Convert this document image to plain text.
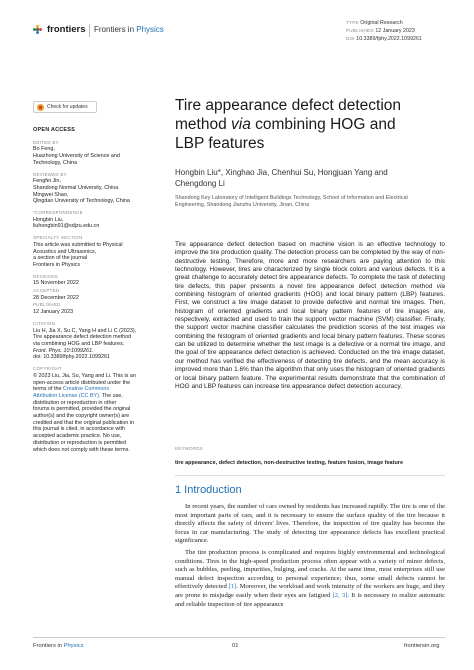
frontiers Frontiers in Physics
TYPE Original Research
PUBLISHED 12 January 2023
DOI 10.3389/fphy.2022.1099261
Check for updates
OPEN ACCESS
EDITED BY

Bo Feng,

Huazhong University of Science and

Technology, China

REVIEWED BY

Fengfei Jin,

Shandong Normal University, China

Mingwei Shao,

Qingdao University of Technology, China

*CORRESPONDENCE

Hongbin Liu,

liuhongbin91@sdjzu.edu.cn

SPECIALTY SECTION

This article was submitted to Physical

Acoustics and Ultrasonics,

a section of the journal

Frontiers in Physics

RECEIVED

15 November 2022

ACCEPTED

28 December 2022

PUBLISHED

12 January 2023

CITATION

Liu H, Jia X, Su C, Yang H and Li C (2023),

Tire appearance defect detection method

via combining HOG and LBP features.

Front. Phys. 10:1099261.

doi: 10.3389/fphy.2022.1099261

COPYRIGHT

© 2023 Liu, Jia, Su, Yang and Li. This is an

open-access article distributed under the

terms of the Creative Commons

Attribution License (CC BY). The use,

distribution or reproduction in other

forums is permitted, provided the original

author(s) and the copyright owner(s) are

credited and that the original publication in

this journal is cited, in accordance with

accepted academic practice. No use,

distribution or reproduction is permitted

which does not comply with these terms.

Tire appearance defect detection
method via combining HOG and
LBP features
Hongbin Liu*, Xinghao Jia, Chenhui Su, Hongjuan Yang and
Chengdong Li
Shandong Key Laboratory of Intelligent Buildings Technology, School of Information and Electrical
Engineering, Shandong Jianzhu University, Jinan, China
Tire appearance defect detection based on machine vision is an effective technology to improve the tire production quality. The detection process can be completed by the way of non-destructive testing. Therefore, more and more researchers are paying attention to this technology. However, tires are characterized by single block colors and various defects. It is a great challenge to accurately detect tire appearance defects. To complete the task of detecting tire defects, this paper presents a novel tire appearance defect detection method via combining histogram of oriented gradients (HOG) and local binary pattern (LBP) features. First, we construct a tire image dataset to provide defective and normal tire images. Then, histogram of oriented gradients and local binary pattern features of tire images are, respectively, extracted and used to train the support vector machine (SVM) classifier. Finally, the support vector machine classifier calculates the prediction scores of the test images via combining the histogram of oriented gradients and local binary pattern features. These scores can be utilized to determine whether the test image is a defective or a normal tire image, and the goal of tire appearance defect detection is achieved. Conducted on the tire image dataset, our method has verified the effectiveness of detecting tire defects, and the mean accuracy is improved more than 1.6% than the algorithm that only uses the histogram of oriented gradients or local binary pattern feature. The experimental results demonstrate that the combination of HOG and LBP features can increase tire appearance defect detection accuracy.
KEYWORDS
tire appearance, defect detection, non-destructive testing, feature fusion, image feature
1 Introduction

In recent years, the number of cars owned by residents has increased rapidly. The tire is one of the most important parts of cars, and it is necessary to ensure the surface quality of the tire because it directly affects the safety of drivers' lives. Therefore, the inspection of tire quality has become the focus in car manufacturing. The study of detecting tire appearance defects has excellent practical significance.

The tire production process is complicated and requires highly environmental and technological conditions. Tires in the high-speed production process often appear with a variety of minor defects, such as bubbles, peeling, impurities, bulging, and cracks. At the same time, most enterprises still use manual defect inspection according to personal experience; thus, some small defects cannot be effectively detected [1]. Moreover, the workload and work intensity of the workers are huge, and they are prone to misjudge easily when their eyes are fatigued [2, 3]. It is necessary to realize automatic and reliable inspection of tire appearance

Frontiers in Physics	01	frontiersin.org
